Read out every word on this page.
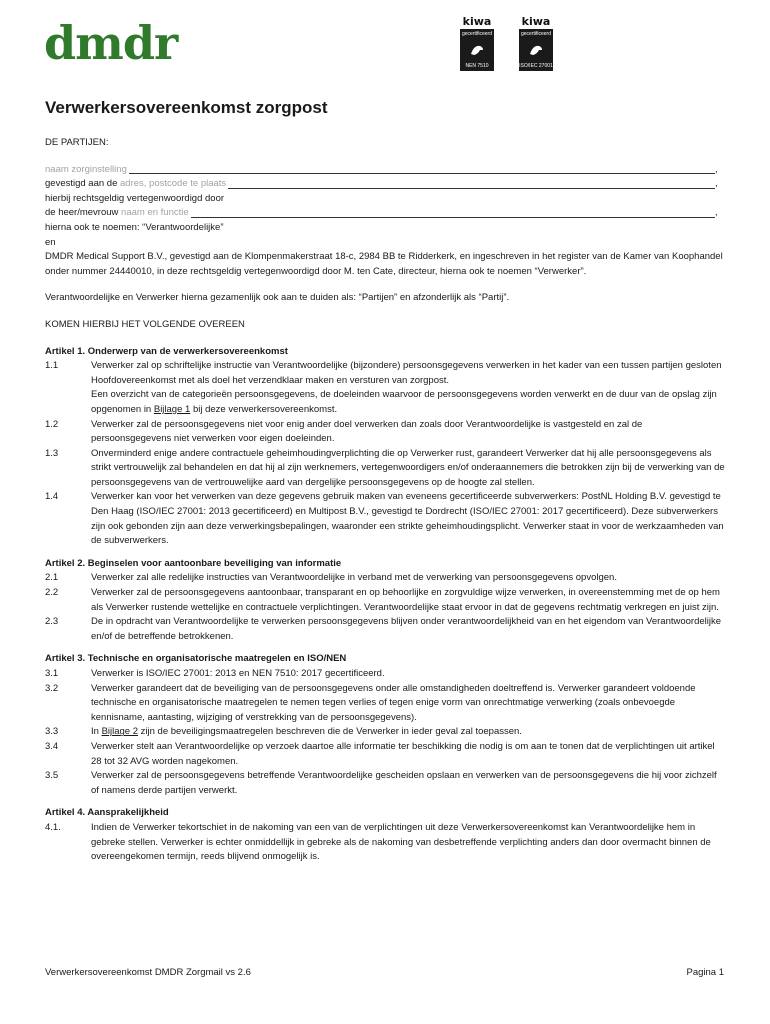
dmdr	kiwa
gecertificeerd
NEN 7510
kiwa
gecertificeerd
ISO/IEC 27001
Verwerkersovereenkomst zorgpost

DE PARTIJEN:

naam zorginstelling	,
gevestigd aan de adres, postcode te plaats	,

hierbij rechtsgeldig vertegenwoordigd door

de heer/mevrouw naam en functie	,

hierna ook te noemen: “Verantwoordelijke”

en

DMDR Medical Support B.V., gevestigd aan de Klompenmakerstraat 18-c, 2984 BB te Ridderkerk, en ingeschreven in het register van de Kamer van Koophandel onder nummer 24440010, in deze rechtsgeldig vertegenwoordigd door M. ten Cate, directeur, hierna ook te noemen “Verwerker”.

Verantwoordelijke en Verwerker hierna gezamenlijk ook aan te duiden als: “Partijen” en afzonderlijk als “Partij”.

KOMEN HIERBIJ HET VOLGENDE OVEREEN

Artikel 1. Onderwerp van de verwerkersovereenkomst

1.1	Verwerker zal op schriftelijke instructie van Verantwoordelijke (bijzondere) persoonsgegevens verwerken in het kader van een tussen partijen gesloten Hoofdovereenkomst met als doel het verzendklaar maken en versturen van zorgpost.
Een overzicht van de categorieën persoonsgegevens, de doeleinden waarvoor de persoonsgegevens worden verwerkt en de duur van de opslag zijn opgenomen in Bijlage 1 bij deze verwerkersovereenkomst.
1.2	Verwerker zal de persoonsgegevens niet voor enig ander doel verwerken dan zoals door Verantwoordelijke is vastgesteld en zal de persoonsgegevens niet verwerken voor eigen doeleinden.
1.3	Onverminderd enige andere contractuele geheimhoudingverplichting die op Verwerker rust, garandeert Verwerker dat hij alle persoonsgegevens als strikt vertrouwelijk zal behandelen en dat hij al zijn werknemers, vertegenwoordigers en/of onderaannemers die betrokken zijn bij de verwerking van de persoonsgegevens van de vertrouwelijke aard van dergelijke persoonsgegevens op de hoogte zal stellen.
1.4	Verwerker kan voor het verwerken van deze gegevens gebruik maken van eveneens gecertificeerde subverwerkers: PostNL Holding B.V. gevestigd te Den Haag (ISO/IEC 27001: 2013 gecertificeerd) en Multipost B.V., gevestigd te Dordrecht (ISO/IEC 27001: 2017 gecertificeerd). Deze subverwerkers zijn ook gebonden zijn aan deze verwerkingsbepalingen, waaronder een strikte geheimhoudingsplicht. Verwerker staat in voor de werkzaamheden van de subverwerkers.

Artikel 2. Beginselen voor aantoonbare beveiliging van informatie

2.1	Verwerker zal alle redelijke instructies van Verantwoordelijke in verband met de verwerking van persoonsgegevens opvolgen.
2.2	Verwerker zal de persoonsgegevens aantoonbaar, transparant en op behoorlijke en zorgvuldige wijze verwerken, in overeenstemming met de op hem als Verwerker rustende wettelijke en contractuele verplichtingen. Verantwoordelijke staat ervoor in dat de gegevens rechtmatig verkregen en juist zijn.
2.3	De in opdracht van Verantwoordelijke te verwerken persoonsgegevens blijven onder verantwoordelijkheid van en het eigendom van Verantwoordelijke en/of de betreffende betrokkenen.

Artikel 3. Technische en organisatorische maatregelen en ISO/NEN

3.1	Verwerker is ISO/IEC 27001: 2013 en NEN 7510: 2017 gecertificeerd.
3.2	Verwerker garandeert dat de beveiliging van de persoonsgegevens onder alle omstandigheden doeltreffend is. Verwerker garandeert voldoende technische en organisatorische maatregelen te nemen tegen verlies of tegen enige vorm van onrechtmatige verwerking (zoals onbevoegde kennisname, aantasting, wijziging of verstrekking van de persoonsgegevens).
3.3	In Bijlage 2 zijn de beveiligingsmaatregelen beschreven die de Verwerker in ieder geval zal toepassen.
3.4	Verwerker stelt aan Verantwoordelijke op verzoek daartoe alle informatie ter beschikking die nodig is om aan te tonen dat de verplichtingen uit artikel 28 tot 32 AVG worden nagekomen.
3.5	Verwerker zal de persoonsgegevens betreffende Verantwoordelijke gescheiden opslaan en verwerken van de persoonsgegevens die hij voor zichzelf of namens derde partijen verwerkt.

Artikel 4. Aansprakelijkheid

4.1.	Indien de Verwerker tekortschiet in de nakoming van een van de verplichtingen uit deze Verwerkersovereenkomst kan Verantwoordelijke hem in gebreke stellen. Verwerker is echter onmiddellijk in gebreke als de nakoming van desbetreffende verplichting anders dan door overmacht binnen de overeengekomen termijn, reeds blijvend onmogelijk is.
Verwerkersovereenkomst DMDR Zorgmail vs 2.6	Pagina 1
